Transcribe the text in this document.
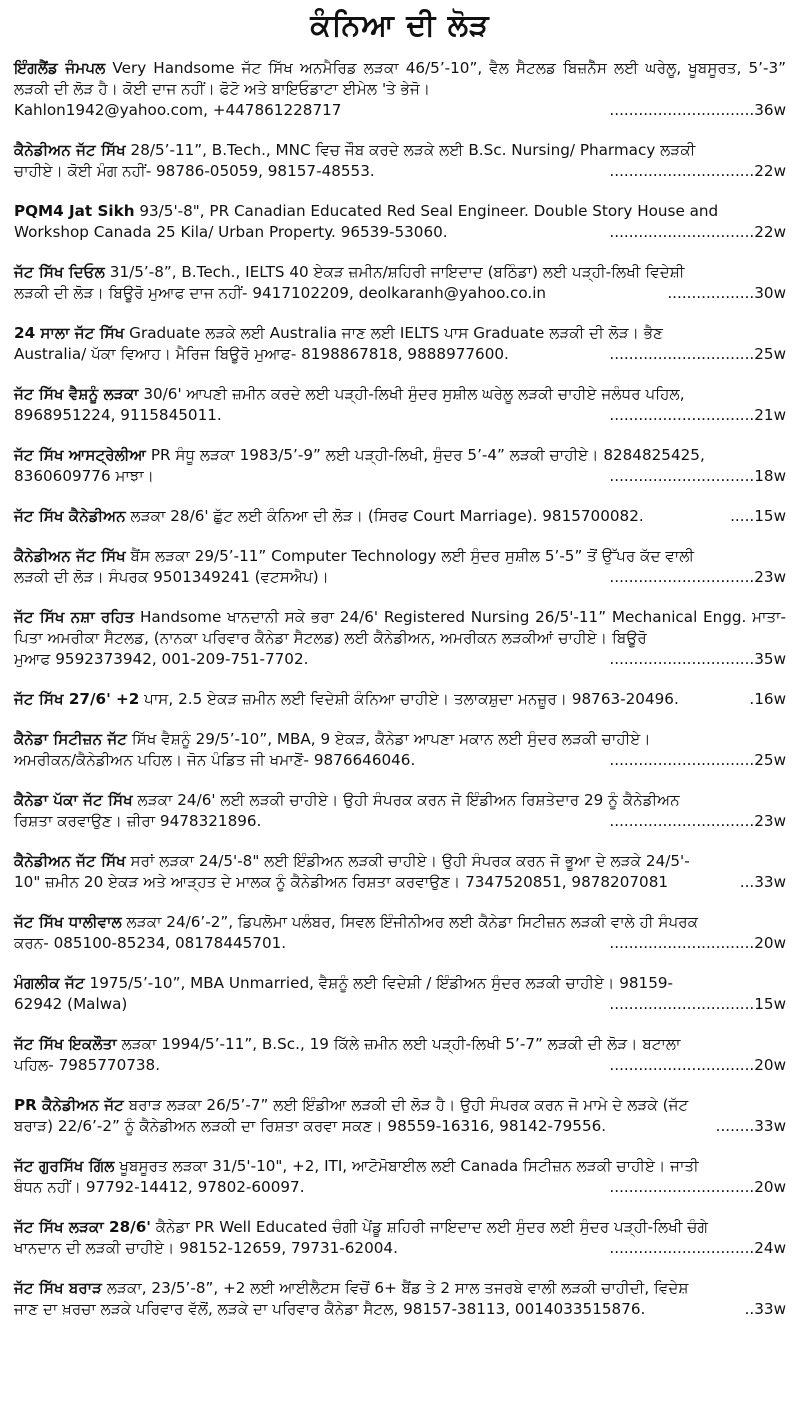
ਕੰਨਿਆ ਦੀ ਲੋੜ
ਇੰਗਲੈਂਡ ਜੰਮਪਲ Very Handsome ਜੱਟ ਸਿੱਖ ਅਨਮੈਰਿਡ ਲੜਕਾ 46/5’-10”, ਵੈਲ ਸੈਟਲਡ ਬਿਜ਼ਨੈੱਸ ਲਈ ਘਰੇਲੂ, ਖੂਬਸੂਰਤ, 5’-3” ਲੜਕੀ ਦੀ ਲੋੜ ਹੈ। ਕੋਈ ਦਾਜ ਨਹੀਂ। ਫੋਟੋ ਅਤੇ ਬਾਇਓਡਾਟਾ ਈਮੇਲ 'ਤੇ ਭੇਜੋ।
Kahlon1942@yahoo.com, +447861228717	..............................36w
ਕੈਨੇਡੀਅਨ ਜੱਟ ਸਿੱਖ 28/5’-11”, B.Tech., MNC ਵਿਚ ਜੌਬ ਕਰਦੇ ਲੜਕੇ ਲਈ B.Sc. Nursing/ Pharmacy ਲੜਕੀ
ਚਾਹੀਏ। ਕੋਈ ਮੰਗ ਨਹੀਂ- 98786-05059, 98157-48553.	..............................22w
PQM4 Jat Sikh 93/5'-8", PR Canadian Educated Red Seal Engineer. Double Story House and
Workshop Canada 25 Kila/ Urban Property. 96539-53060.	..............................22w
ਜੱਟ ਸਿੱਖ ਦਿਓਲ 31/5’-8”, B.Tech., IELTS 40 ਏਕੜ ਜ਼ਮੀਨ/ਸ਼ਹਿਰੀ ਜਾਇਦਾਦ (ਬਠਿੰਡਾ) ਲਈ ਪੜ੍ਹੀ-ਲਿਖੀ ਵਿਦੇਸ਼ੀ
ਲੜਕੀ ਦੀ ਲੋੜ। ਬਿਊਰੋ ਮੁਆਫ ਦਾਜ ਨਹੀਂ- 9417102209, deolkaranh@yahoo.co.in	..................30w
24 ਸਾਲਾ ਜੱਟ ਸਿੱਖ Graduate ਲੜਕੇ ਲਈ Australia ਜਾਣ ਲਈ IELTS ਪਾਸ Graduate ਲੜਕੀ ਦੀ ਲੋੜ। ਭੈਣ
Australia/ ਪੱਕਾ ਵਿਆਹ। ਮੈਰਿਜ ਬਿਊਰੋ ਮੁਆਫ- 8198867818, 9888977600.	..............................25w
ਜੱਟ ਸਿੱਖ ਵੈਸ਼ਨੂੰ ਲੜਕਾ 30/6' ਆਪਣੀ ਜ਼ਮੀਨ ਕਰਦੇ ਲਈ ਪੜ੍ਹੀ-ਲਿਖੀ ਸੁੰਦਰ ਸੁਸ਼ੀਲ ਘਰੇਲੂ ਲੜਕੀ ਚਾਹੀਏ ਜਲੰਧਰ ਪਹਿਲ,
8968951224, 9115845011.	..............................21w
ਜੱਟ ਸਿੱਖ ਆਸਟ੍ਰੇਲੀਆ PR ਸੰਧੂ ਲੜਕਾ 1983/5’-9” ਲਈ ਪੜ੍ਹੀ-ਲਿਖੀ, ਸੁੰਦਰ 5’-4” ਲੜਕੀ ਚਾਹੀਏ। 8284825425,
8360609776 ਮਾਝਾ।	..............................18w
ਜੱਟ ਸਿੱਖ ਕੈਨੇਡੀਅਨ ਲੜਕਾ 28/6' ਛੁੱਟ ਲਈ ਕੰਨਿਆ ਦੀ ਲੋੜ। (ਸਿਰਫ Court Marriage). 9815700082.	.....15w
ਕੈਨੇਡੀਅਨ ਜੱਟ ਸਿੱਖ ਬੈਂਸ ਲੜਕਾ 29/5’-11” Computer Technology ਲਈ ਸੁੰਦਰ ਸੁਸ਼ੀਲ 5’-5” ਤੋਂ ਉੱਪਰ ਕੱਦ ਵਾਲੀ
ਲੜਕੀ ਦੀ ਲੋੜ। ਸੰਪਰਕ 9501349241 (ਵਟਸਐਪ)।	..............................23w
ਜੱਟ ਸਿੱਖ ਨਸ਼ਾ ਰਹਿਤ Handsome ਖਾਨਦਾਨੀ ਸਕੇ ਭਰਾ 24/6' Registered Nursing 26/5'-11” Mechanical Engg. ਮਾਤਾ-ਪਿਤਾ ਅਮਰੀਕਾ ਸੈਟਲਡ, (ਨਾਨਕਾ ਪਰਿਵਾਰ ਕੈਨੇਡਾ ਸੈਟਲਡ) ਲਈ ਕੈਨੇਡੀਅਨ, ਅਮਰੀਕਨ ਲੜਕੀਆਂ ਚਾਹੀਏ। ਬਿਊਰੋ
ਮੁਆਫ 9592373942, 001-209-751-7702.	..............................35w
ਜੱਟ ਸਿੱਖ 27/6' +2 ਪਾਸ, 2.5 ਏਕੜ ਜ਼ਮੀਨ ਲਈ ਵਿਦੇਸ਼ੀ ਕੰਨਿਆ ਚਾਹੀਏ। ਤਲਾਕਸ਼ੁਦਾ ਮਨਜ਼ੂਰ। 98763-20496.	.16w
ਕੈਨੇਡਾ ਸਿਟੀਜ਼ਨ ਜੱਟ ਸਿੱਖ ਵੈਸ਼ਨੂੰ 29/5’-10”, MBA, 9 ਏਕੜ, ਕੈਨੇਡਾ ਆਪਣਾ ਮਕਾਨ ਲਈ ਸੁੰਦਰ ਲੜਕੀ ਚਾਹੀਏ।
ਅਮਰੀਕਨ/ਕੈਨੇਡੀਅਨ ਪਹਿਲ। ਜੋਨ ਪੰਡਿਤ ਜੀ ਖਮਾਣੋਂ- 9876646046.	..............................25w
ਕੈਨੇਡਾ ਪੱਕਾ ਜੱਟ ਸਿੱਖ ਲੜਕਾ 24/6' ਲਈ ਲੜਕੀ ਚਾਹੀਏ। ਉਹੀ ਸੰਪਰਕ ਕਰਨ ਜੋ ਇੰਡੀਅਨ ਰਿਸ਼ਤੇਦਾਰ 29 ਨੂੰ ਕੈਨੇਡੀਅਨ
ਰਿਸ਼ਤਾ ਕਰਵਾਉਣ। ਜ਼ੀਰਾ 9478321896.	..............................23w
ਕੈਨੇਡੀਅਨ ਜੱਟ ਸਿੱਖ ਸਰਾਂ ਲੜਕਾ 24/5'-8" ਲਈ ਇੰਡੀਅਨ ਲੜਕੀ ਚਾਹੀਏ। ਉਹੀ ਸੰਪਰਕ ਕਰਨ ਜੋ ਭੂਆ ਦੇ ਲੜਕੇ 24/5'-
10" ਜ਼ਮੀਨ 20 ਏਕੜ ਅਤੇ ਆੜ੍ਹਤ ਦੇ ਮਾਲਕ ਨੂੰ ਕੈਨੇਡੀਅਨ ਰਿਸ਼ਤਾ ਕਰਵਾਉਣ। 7347520851, 9878207081	...33w
ਜੱਟ ਸਿੱਖ ਧਾਲੀਵਾਲ ਲੜਕਾ 24/6’-2”, ਡਿਪਲੋਮਾ ਪਲੰਬਰ, ਸਿਵਲ ਇੰਜੀਨੀਅਰ ਲਈ ਕੈਨੇਡਾ ਸਿਟੀਜ਼ਨ ਲੜਕੀ ਵਾਲੇ ਹੀ ਸੰਪਰਕ
ਕਰਨ- 085100-85234, 08178445701.	..............................20w
ਮੰਗਲੀਕ ਜੱਟ 1975/5’-10”, MBA Unmarried, ਵੈਸ਼ਨੂੰ ਲਈ ਵਿਦੇਸ਼ੀ / ਇੰਡੀਅਨ ਸੁੰਦਰ ਲੜਕੀ ਚਾਹੀਏ। 98159-
62942 (Malwa)	..............................15w
ਜੱਟ ਸਿੱਖ ਇਕਲੌਤਾ ਲੜਕਾ 1994/5’-11”, B.Sc., 19 ਕਿੱਲੇ ਜ਼ਮੀਨ ਲਈ ਪੜ੍ਹੀ-ਲਿਖੀ 5’-7” ਲੜਕੀ ਦੀ ਲੋੜ। ਬਟਾਲਾ
ਪਹਿਲ- 7985770738.	..............................20w
PR ਕੈਨੇਡੀਅਨ ਜੱਟ ਬਰਾੜ ਲੜਕਾ 26/5’-7” ਲਈ ਇੰਡੀਆ ਲੜਕੀ ਦੀ ਲੋੜ ਹੈ। ਉਹੀ ਸੰਪਰਕ ਕਰਨ ਜੋ ਮਾਮੇ ਦੇ ਲੜਕੇ (ਜੱਟ
ਬਰਾੜ) 22/6’-2” ਨੂੰ ਕੈਨੇਡੀਅਨ ਲੜਕੀ ਦਾ ਰਿਸ਼ਤਾ ਕਰਵਾ ਸਕਣ। 98559-16316, 98142-79556.	........33w
ਜੱਟ ਗੁਰਸਿੱਖ ਗਿੱਲ ਖੂਬਸੂਰਤ ਲੜਕਾ 31/5'-10", +2, ITI, ਆਟੋਮੋਬਾਈਲ ਲਈ Canada ਸਿਟੀਜ਼ਨ ਲੜਕੀ ਚਾਹੀਏ। ਜਾਤੀ
ਬੰਧਨ ਨਹੀਂ। 97792-14412, 97802-60097.	..............................20w
ਜੱਟ ਸਿੱਖ ਲੜਕਾ 28/6' ਕੈਨੇਡਾ PR Well Educated ਚੰਗੀ ਪੇਂਡੂ ਸ਼ਹਿਰੀ ਜਾਇਦਾਦ ਲਈ ਸੁੰਦਰ ਲਈ ਸੁੰਦਰ ਪੜ੍ਹੀ-ਲਿਖੀ ਚੰਗੇ
ਖਾਨਦਾਨ ਦੀ ਲੜਕੀ ਚਾਹੀਏ। 98152-12659, 79731-62004.	..............................24w
ਜੱਟ ਸਿੱਖ ਬਰਾੜ ਲੜਕਾ, 23/5’-8”, +2 ਲਈ ਆਈਲੈਟਸ ਵਿਚੋਂ 6+ ਬੈਂਡ ਤੇ 2 ਸਾਲ ਤਜਰਬੇ ਵਾਲੀ ਲੜਕੀ ਚਾਹੀਦੀ, ਵਿਦੇਸ਼
ਜਾਣ ਦਾ ਖ਼ਰਚਾ ਲੜਕੇ ਪਰਿਵਾਰ ਵੱਲੋਂ, ਲੜਕੇ ਦਾ ਪਰਿਵਾਰ ਕੈਨੇਡਾ ਸੈਟਲ, 98157-38113, 0014033515876.	..33w
